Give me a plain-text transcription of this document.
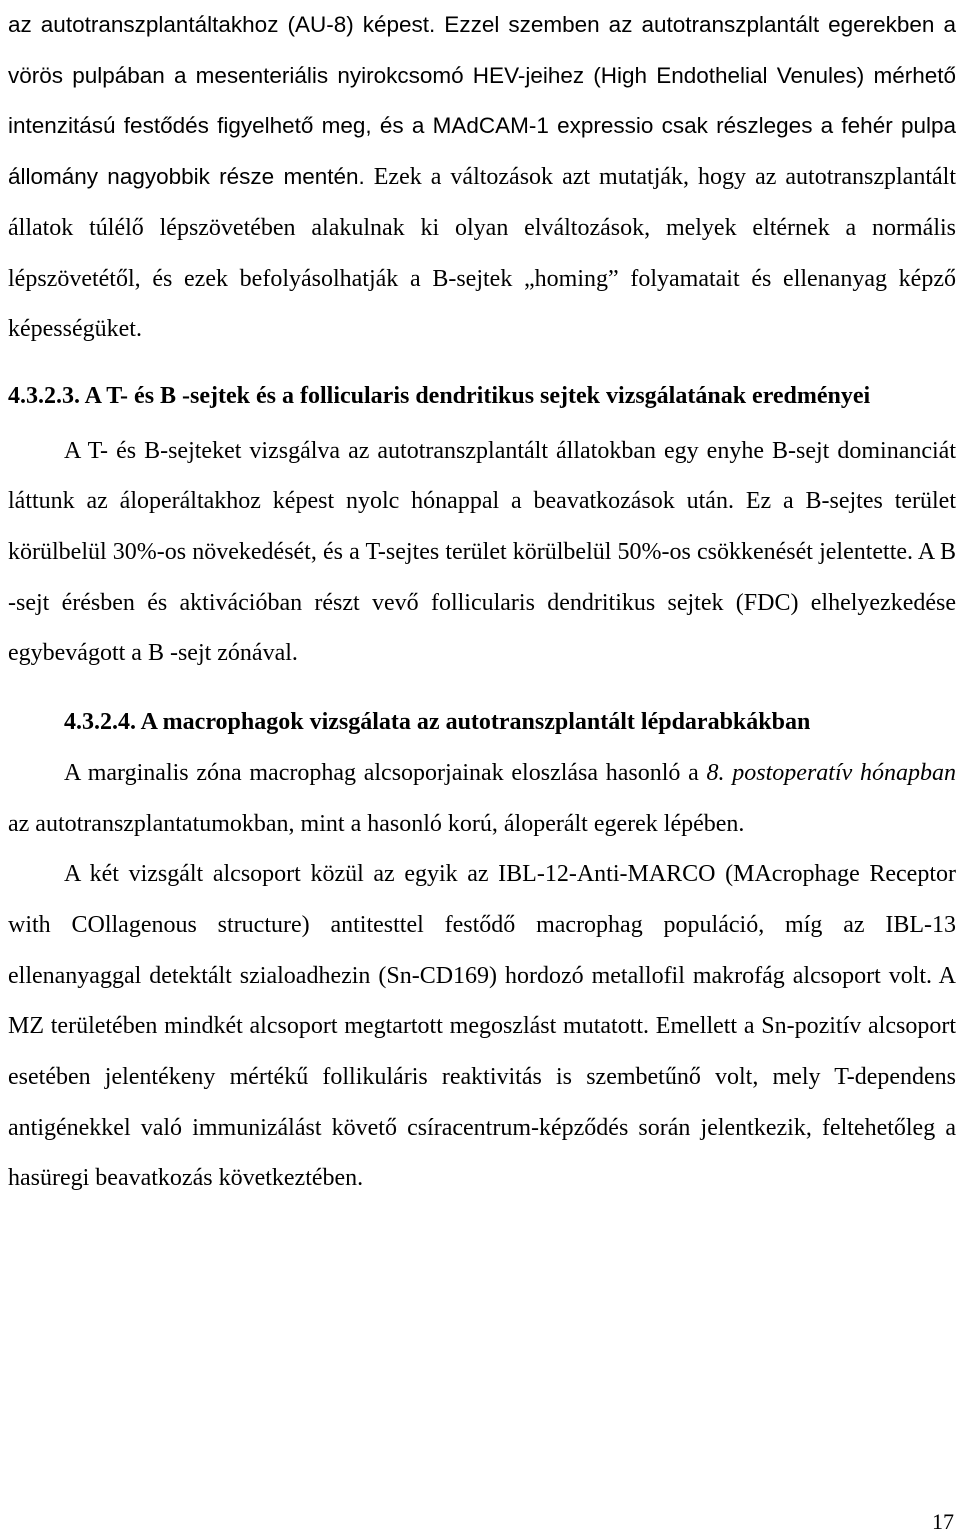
az autotranszplantáltakhoz (AU-8) képest. Ezzel szemben az autotranszplantált egerekben a vörös pulpában a mesenteriális nyirokcsomó HEV-jeihez (High Endothelial Venules) mérhető intenzitású festődés figyelhető meg, és a MAdCAM-1 expressio csak részleges a fehér pulpa állomány nagyobbik része mentén. Ezek a változások azt mutatják, hogy az autotranszplantált állatok túlélő lépszövetében alakulnak ki olyan elváltozások, melyek eltérnek a normális lépszövetétől, és ezek befolyásolhatják a B-sejtek „homing” folyamatait és ellenanyag képző képességüket.

4.3.2.3. A T- és B -sejtek és a follicularis dendritikus sejtek vizsgálatának eredményei

A T- és B-sejteket vizsgálva az autotranszplantált állatokban egy enyhe B-sejt dominanciát láttunk az áloperáltakhoz képest nyolc hónappal a beavatkozások után. Ez a B-sejtes terület körülbelül 30%-os növekedését, és a T-sejtes terület körülbelül 50%-os csökkenését jelentette. A B -sejt érésben és aktivációban részt vevő follicularis dendritikus sejtek (FDC) elhelyezkedése egybevágott a B -sejt zónával.

4.3.2.4. A macrophagok vizsgálata az autotranszplantált lépdarabkákban

A marginalis zóna macrophag alcsoporjainak eloszlása hasonló a 8. postoperatív hónapban az autotranszplantatumokban, mint a hasonló korú, áloperált egerek lépében.

A két vizsgált alcsoport közül az egyik az IBL-12-Anti-MARCO (MAcrophage Receptor with COllagenous structure) antitesttel festődő macrophag populáció, míg az IBL-13 ellenanyaggal detektált szialoadhezin (Sn-CD169) hordozó metallofil makrofág alcsoport volt. A MZ területében mindkét alcsoport megtartott megoszlást mutatott. Emellett a Sn-pozitív alcsoport esetében jelentékeny mértékű follikuláris reaktivitás is szembetűnő volt, mely T-dependens antigénekkel való immunizálást követő csíracentrum-képződés során jelentkezik, feltehetőleg a hasüregi beavatkozás következtében.

17
